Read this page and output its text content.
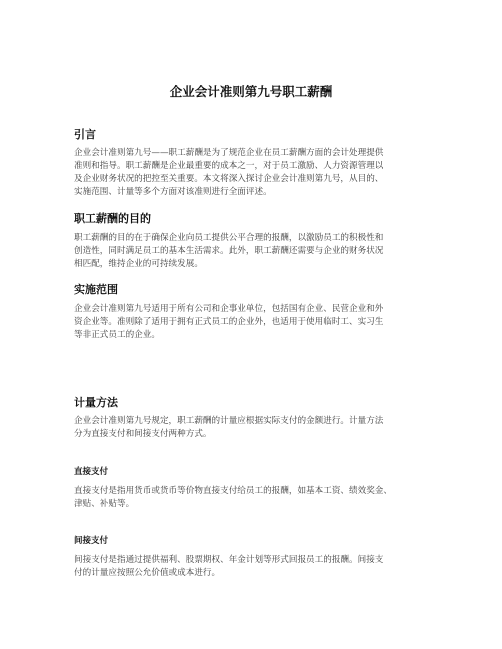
企业会计准则第九号职工薪酬
引言
企业会计准则第九号——职工薪酬是为了规范企业在员工薪酬方面的会计处理提供
准则和指导。职工薪酬是企业最重要的成本之一，对于员工激励、人力资源管理以
及企业财务状况的把控至关重要。本文将深入探讨企业会计准则第九号，从目的、
实施范围、计量等多个方面对该准则进行全面评述。
职工薪酬的目的
职工薪酬的目的在于确保企业向员工提供公平合理的报酬，以激励员工的积极性和
创造性，同时满足员工的基本生活需求。此外，职工薪酬还需要与企业的财务状况
相匹配，维持企业的可持续发展。
实施范围
企业会计准则第九号适用于所有公司和企事业单位，包括国有企业、民营企业和外
资企业等。准则除了适用于拥有正式员工的企业外，也适用于使用临时工、实习生
等非正式员工的企业。
计量方法
企业会计准则第九号规定，职工薪酬的计量应根据实际支付的金额进行。计量方法
分为直接支付和间接支付两种方式。
直接支付
直接支付是指用货币或货币等价物直接支付给员工的报酬，如基本工资、绩效奖金、
津贴、补贴等。
间接支付
间接支付是指通过提供福利、股票期权、年金计划等形式回报员工的报酬。间接支
付的计量应按照公允价值或成本进行。
